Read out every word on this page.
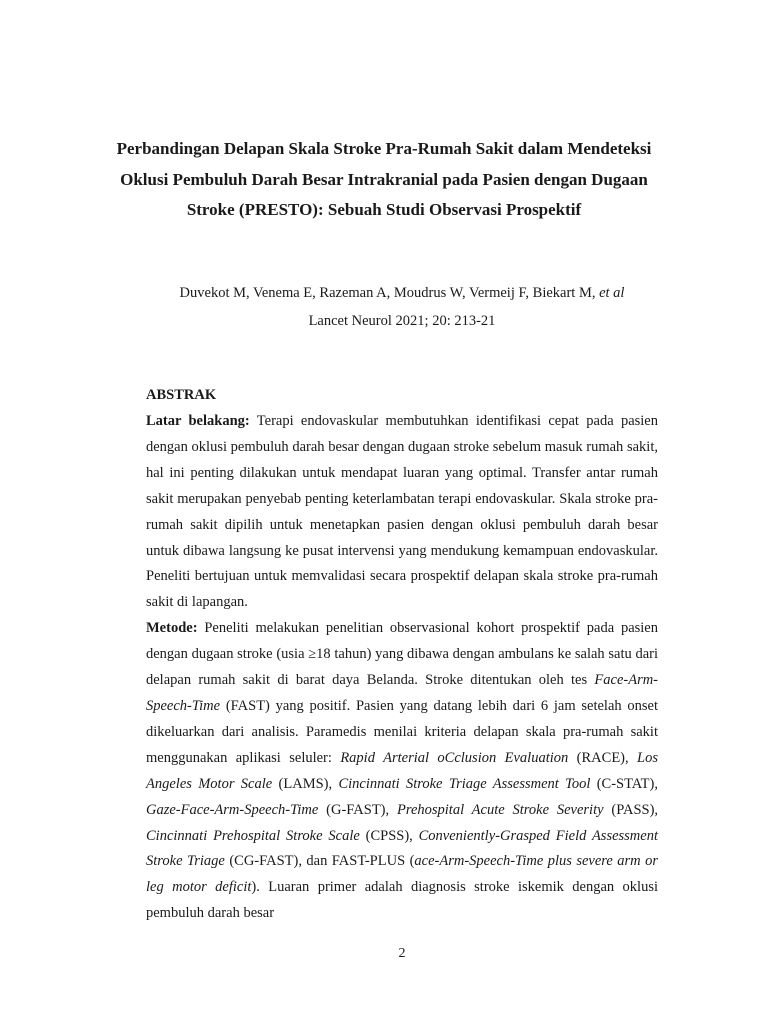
Perbandingan Delapan Skala Stroke Pra-Rumah Sakit dalam Mendeteksi Oklusi Pembuluh Darah Besar Intrakranial pada Pasien dengan Dugaan Stroke (PRESTO): Sebuah Studi Observasi Prospektif
Duvekot M, Venema E, Razeman A, Moudrus W, Vermeij F, Biekart M, et al
Lancet Neurol 2021; 20: 213-21
ABSTRAK

Latar belakang: Terapi endovaskular membutuhkan identifikasi cepat pada pasien dengan oklusi pembuluh darah besar dengan dugaan stroke sebelum masuk rumah sakit, hal ini penting dilakukan untuk mendapat luaran yang optimal. Transfer antar rumah sakit merupakan penyebab penting keterlambatan terapi endovaskular. Skala stroke pra-rumah sakit dipilih untuk menetapkan pasien dengan oklusi pembuluh darah besar untuk dibawa langsung ke pusat intervensi yang mendukung kemampuan endovaskular. Peneliti bertujuan untuk memvalidasi secara prospektif delapan skala stroke pra-rumah sakit di lapangan.

Metode: Peneliti melakukan penelitian observasional kohort prospektif pada pasien dengan dugaan stroke (usia ≥18 tahun) yang dibawa dengan ambulans ke salah satu dari delapan rumah sakit di barat daya Belanda. Stroke ditentukan oleh tes Face-Arm-Speech-Time (FAST) yang positif. Pasien yang datang lebih dari 6 jam setelah onset dikeluarkan dari analisis. Paramedis menilai kriteria delapan skala pra-rumah sakit menggunakan aplikasi seluler: Rapid Arterial oCclusion Evaluation (RACE), Los Angeles Motor Scale (LAMS), Cincinnati Stroke Triage Assessment Tool (C-STAT), Gaze-Face-Arm-Speech-Time (G-FAST), Prehospital Acute Stroke Severity (PASS), Cincinnati Prehospital Stroke Scale (CPSS), Conveniently-Grasped Field Assessment Stroke Triage (CG-FAST), dan FAST-PLUS (ace-Arm-Speech-Time plus severe arm or leg motor deficit). Luaran primer adalah diagnosis stroke iskemik dengan oklusi pembuluh darah besar

2
